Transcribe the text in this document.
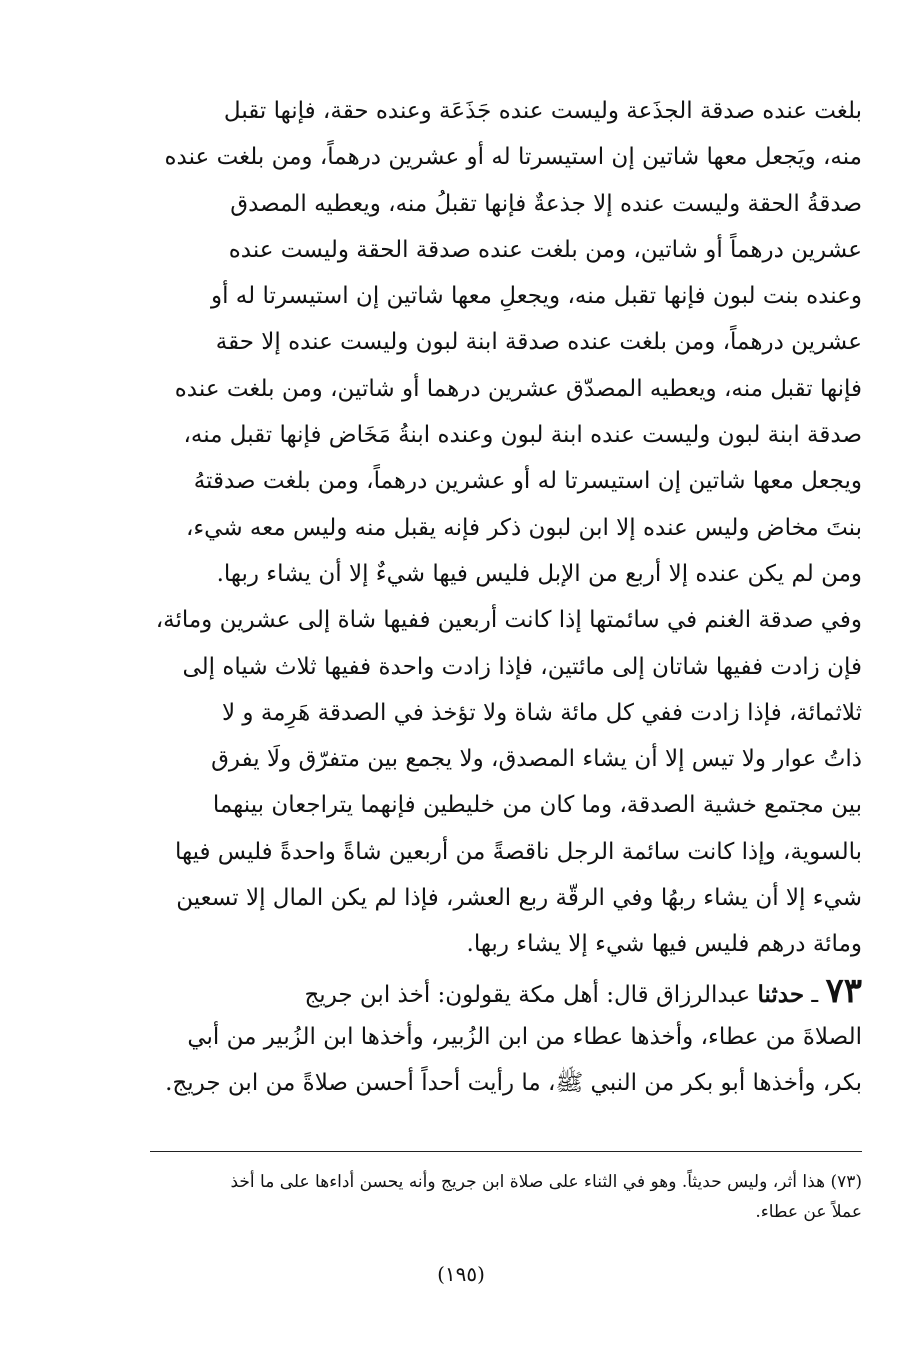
بلغت عنده صدقة الجذَعة وليست عنده جَذَعَة وعنده حقة، فإنها تقبل
منه، ويَجعل معها شاتين إن استيسرتا له أو عشرين درهماً، ومن بلغت عنده
صدقةُ الحقة وليست عنده إلا جذعةٌ فإنها تقبلُ منه، ويعطيه المصدق
عشرين درهماً أو شاتين، ومن بلغت عنده صدقة الحقة وليست عنده
وعنده بنت لبون فإنها تقبل منه، ويجعلِ معها شاتين إن استيسرتا له أو
عشرين درهماً، ومن بلغت عنده صدقة ابنة لبون وليست عنده إلا حقة
فإنها تقبل منه، ويعطيه المصدّق عشرين درهما أو شاتين، ومن بلغت عنده
صدقة ابنة لبون وليست عنده ابنة لبون وعنده ابنةُ مَخَاض فإنها تقبل منه،
ويجعل معها شاتين إن استيسرتا له أو عشرين درهماً، ومن بلغت صدقتهُ
بنتَ مخاض وليس عنده إلا ابن لبون ذكر فإنه يقبل منه وليس معه شيء،
ومن لم يكن عنده إلا أربع من الإبل فليس فيها شيءٌ إلا أن يشاء ربها.
وفي صدقة الغنم في سائمتها إذا كانت أربعين ففيها شاة إلى عشرين ومائة،
فإن زادت ففيها شاتان إلى مائتين، فإذا زادت واحدة ففيها ثلاث شياه إلى
ثلاثمائة، فإذا زادت ففي كل مائة شاة ولا تؤخذ في الصدقة هَرِمة و لا
ذاتُ عوار ولا تيس إلا أن يشاء المصدق، ولا يجمع بين متفرّق ولَا يفرق
بين مجتمع خشية الصدقة، وما كان من خليطين فإنهما يتراجعان بينهما
بالسوية، وإذا كانت سائمة الرجل ناقصةً من أربعين شاةً واحدةً فليس فيها
شيء إلا أن يشاء ربهُا وفي الرقّة ربع العشر، فإذا لم يكن المال إلا تسعين
ومائة درهم فليس فيها شيء إلا يشاء ربها.
٧٣ ـ حدثنا عبدالرزاق قال: أهل مكة يقولون: أخذ ابن جريج
الصلاةَ من عطاء، وأخذها عطاء من ابن الزُبير، وأخذها ابن الزُبير من أبي
بكر، وأخذها أبو بكر من النبي ﷺ، ما رأيت أحداً أحسن صلاةً من ابن جريج.
(٧٣) هذا أثر، وليس حديثاً. وهو في الثناء على صلاة ابن جريج وأنه يحسن أداءها على ما أخذ
عملاً عن عطاء.
(١٩٥)
